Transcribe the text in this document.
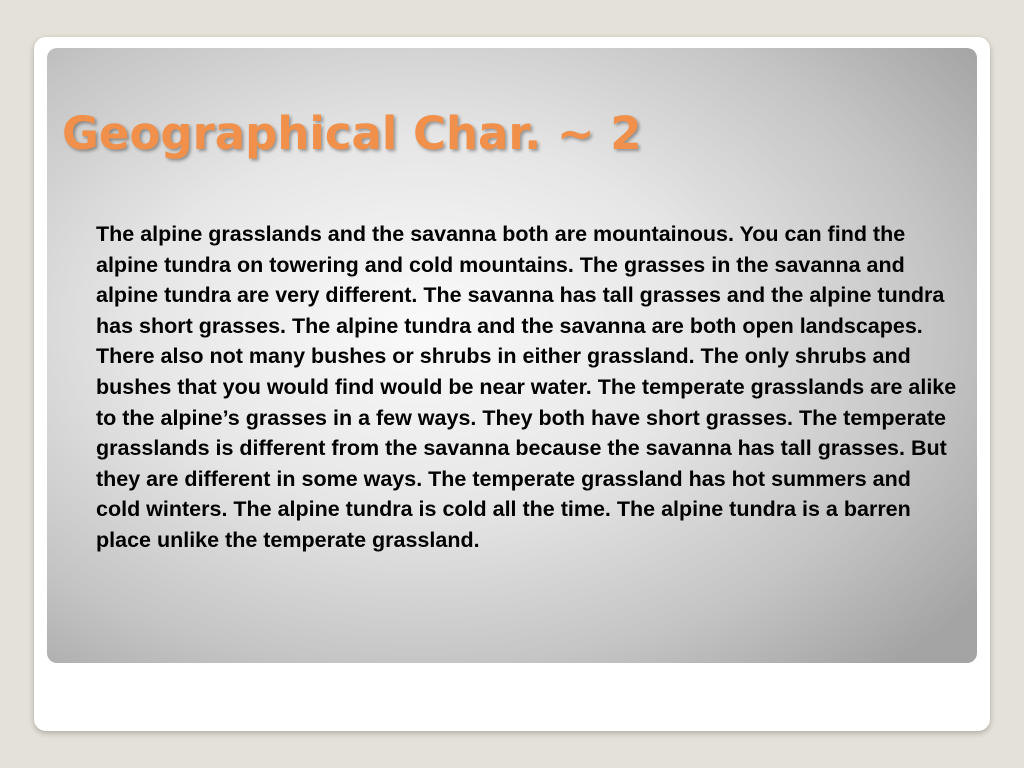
Geographical Char. ~ 2

The alpine grasslands and the savanna both are mountainous. You can find the alpine tundra on towering and cold mountains. The grasses in the savanna and alpine tundra are very different. The savanna has tall grasses and the alpine tundra has short grasses. The alpine tundra and the savanna are both open landscapes. There also not many bushes or shrubs in either grassland. The only shrubs and bushes that you would find would be near water. The temperate grasslands are alike to the alpine’s grasses in a few ways. They both have short grasses. The temperate grasslands is different from the savanna because the savanna has tall grasses. But they are different in some ways. The temperate grassland has hot summers and cold winters. The alpine tundra is cold all the time. The alpine tundra is a barren place unlike the temperate grassland.
